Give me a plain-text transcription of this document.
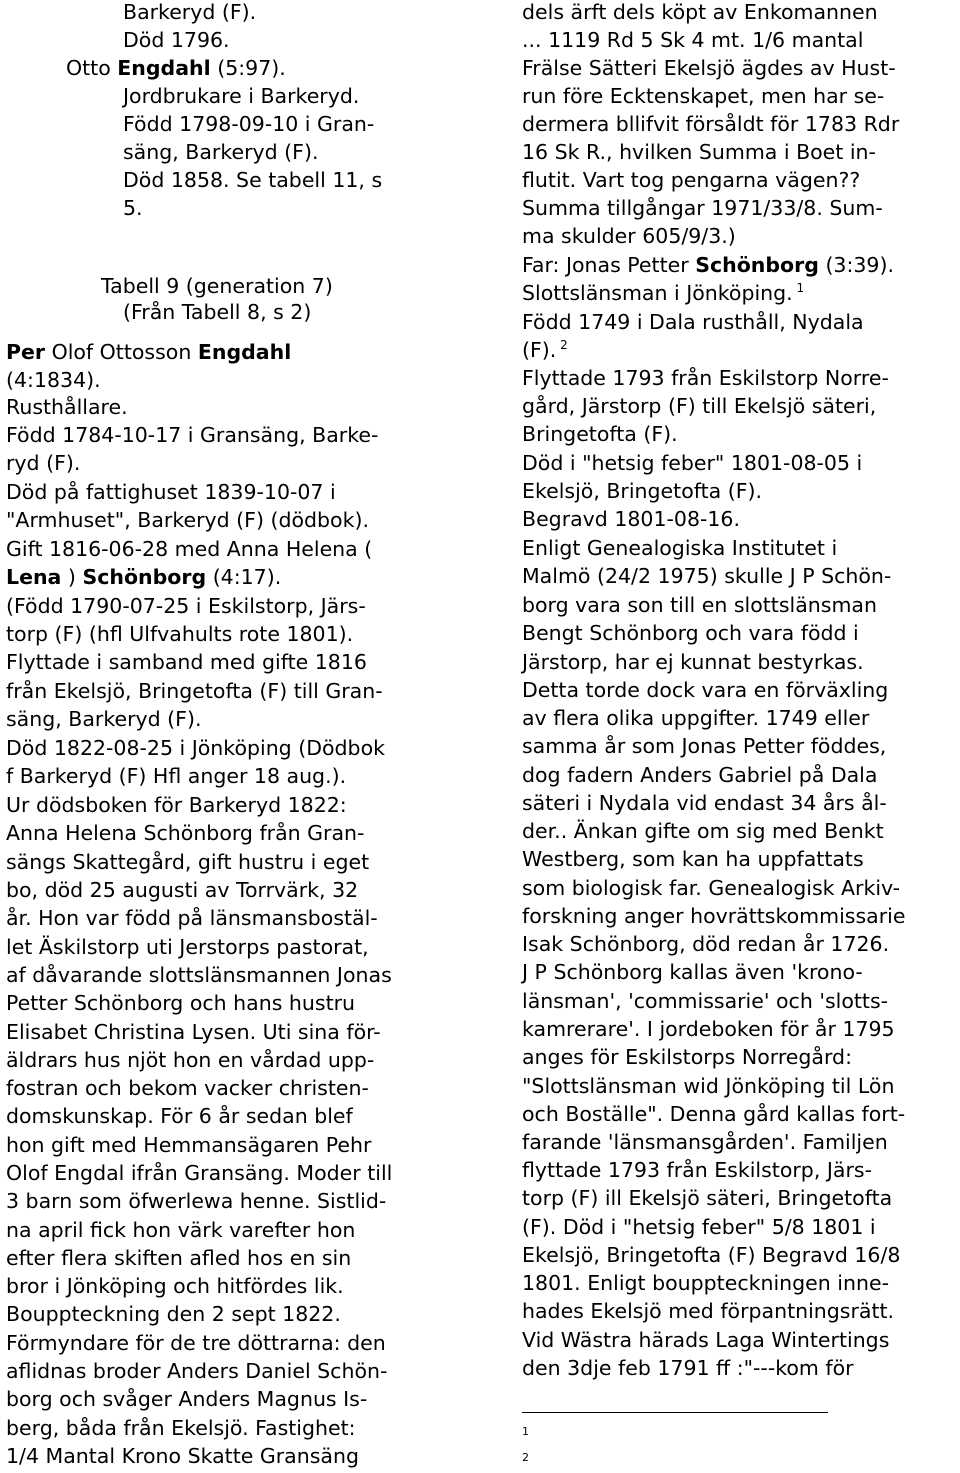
Barkeryd (F).
Död 1796.
Otto Engdahl (5:97).
Jordbrukare i Barkeryd.
Född 1798-09-10 i Gran-
säng, Barkeryd (F).
Död 1858. Se tabell 11, s
5.
Tabell 9 (generation 7)
(Från Tabell 8, s 2)
Per Olof Ottosson Engdahl
(4:1834).
Rusthållare.
Född 1784-10-17 i Gransäng, Barke-
ryd (F).
Död på fattighuset 1839-10-07 i
"Armhuset", Barkeryd (F) (dödbok).
Gift 1816-06-28 med Anna Helena (
Lena ) Schönborg (4:17).
(Född 1790-07-25 i Eskilstorp, Järs-
torp (F) (hfl Ulfvahults rote 1801).
Flyttade i samband med gifte 1816
från Ekelsjö, Bringetofta (F) till Gran-
säng, Barkeryd (F).
Död 1822-08-25 i Jönköping (Dödbok
f Barkeryd (F) Hfl anger 18 aug.).
Ur dödsboken för Barkeryd 1822:
Anna Helena Schönborg från Gran-
sängs Skattegård, gift hustru i eget
bo, död 25 augusti av Torrvärk, 32
år. Hon var född på länsmansbostäl-
let Äskilstorp uti Jerstorps pastorat,
af dåvarande slottslänsmannen Jonas
Petter Schönborg och hans hustru
Elisabet Christina Lysen. Uti sina för-
äldrars hus njöt hon en vårdad upp-
fostran och bekom vacker christen-
domskunskap. För 6 år sedan blef
hon gift med Hemmansägaren Pehr
Olof Engdal ifrån Gransäng. Moder till
3 barn som öfwerlewa henne. Sistlid-
na april fick hon värk varefter hon
efter flera skiften afled hos en sin
bror i Jönköping och hitfördes lik.
Bouppteckning den 2 sept 1822.
Förmyndare för de tre döttrarna: den
aflidnas broder Anders Daniel Schön-
borg och svåger Anders Magnus Is-
berg, båda från Ekelsjö. Fastighet:
1/4 Mantal Krono Skatte Gransäng
dels ärft dels köpt av Enkomannen
... 1119 Rd 5 Sk 4 mt. 1/6 mantal
Frälse Sätteri Ekelsjö ägdes av Hust-
run före Ecktenskapet, men har se-
dermera bllifvit försåldt för 1783 Rdr
16 Sk R., hvilken Summa i Boet in-
flutit. Vart tog pengarna vägen??
Summa tillgångar 1971/33/8. Sum-
ma skulder 605/9/3.)
Far: Jonas Petter Schönborg (3:39).
Slottslänsman i Jönköping. $^1$
Född 1749 i Dala rusthåll, Nydala
(F). $^2$
Flyttade 1793 från Eskilstorp Norre-
gård, Järstorp (F) till Ekelsjö säteri,
Bringetofta (F).
Död i "hetsig feber" 1801-08-05 i
Ekelsjö, Bringetofta (F).
Begravd 1801-08-16.
Enligt Genealogiska Institutet i
Malmö (24/2 1975) skulle J P Schön-
borg vara son till en slottslänsman
Bengt Schönborg och vara född i
Järstorp, har ej kunnat bestyrkas.
Detta torde dock vara en förväxling
av flera olika uppgifter. 1749 eller
samma år som Jonas Petter föddes,
dog fadern Anders Gabriel på Dala
säteri i Nydala vid endast 34 års ål-
der.. Änkan gifte om sig med Benkt
Westberg, som kan ha uppfattats
som biologisk far. Genealogisk Arkiv-
forskning anger hovrättskommissarie
Isak Schönborg, död redan år 1726.
J P Schönborg kallas även 'krono-
länsman', 'commissarie' och 'slotts-
kamrerare'. I jordeboken för år 1795
anges för Eskilstorps Norregård:
"Slottslänsman wid Jönköping til Lön
och Boställe". Denna gård kallas fort-
farande 'länsmansgården'. Familjen
flyttade 1793 från Eskilstorp, Järs-
torp (F) ill Ekelsjö säteri, Bringetofta
(F). Död i "hetsig feber" 5/8 1801 i
Ekelsjö, Bringetofta (F) Begravd 16/8
1801. Enligt bouppteckningen inne-
hades Ekelsjö med förpantningsrätt.
Vid Wästra härads Laga Wintertings
den 3dje feb 1791 ff :"---kom för
1
2
